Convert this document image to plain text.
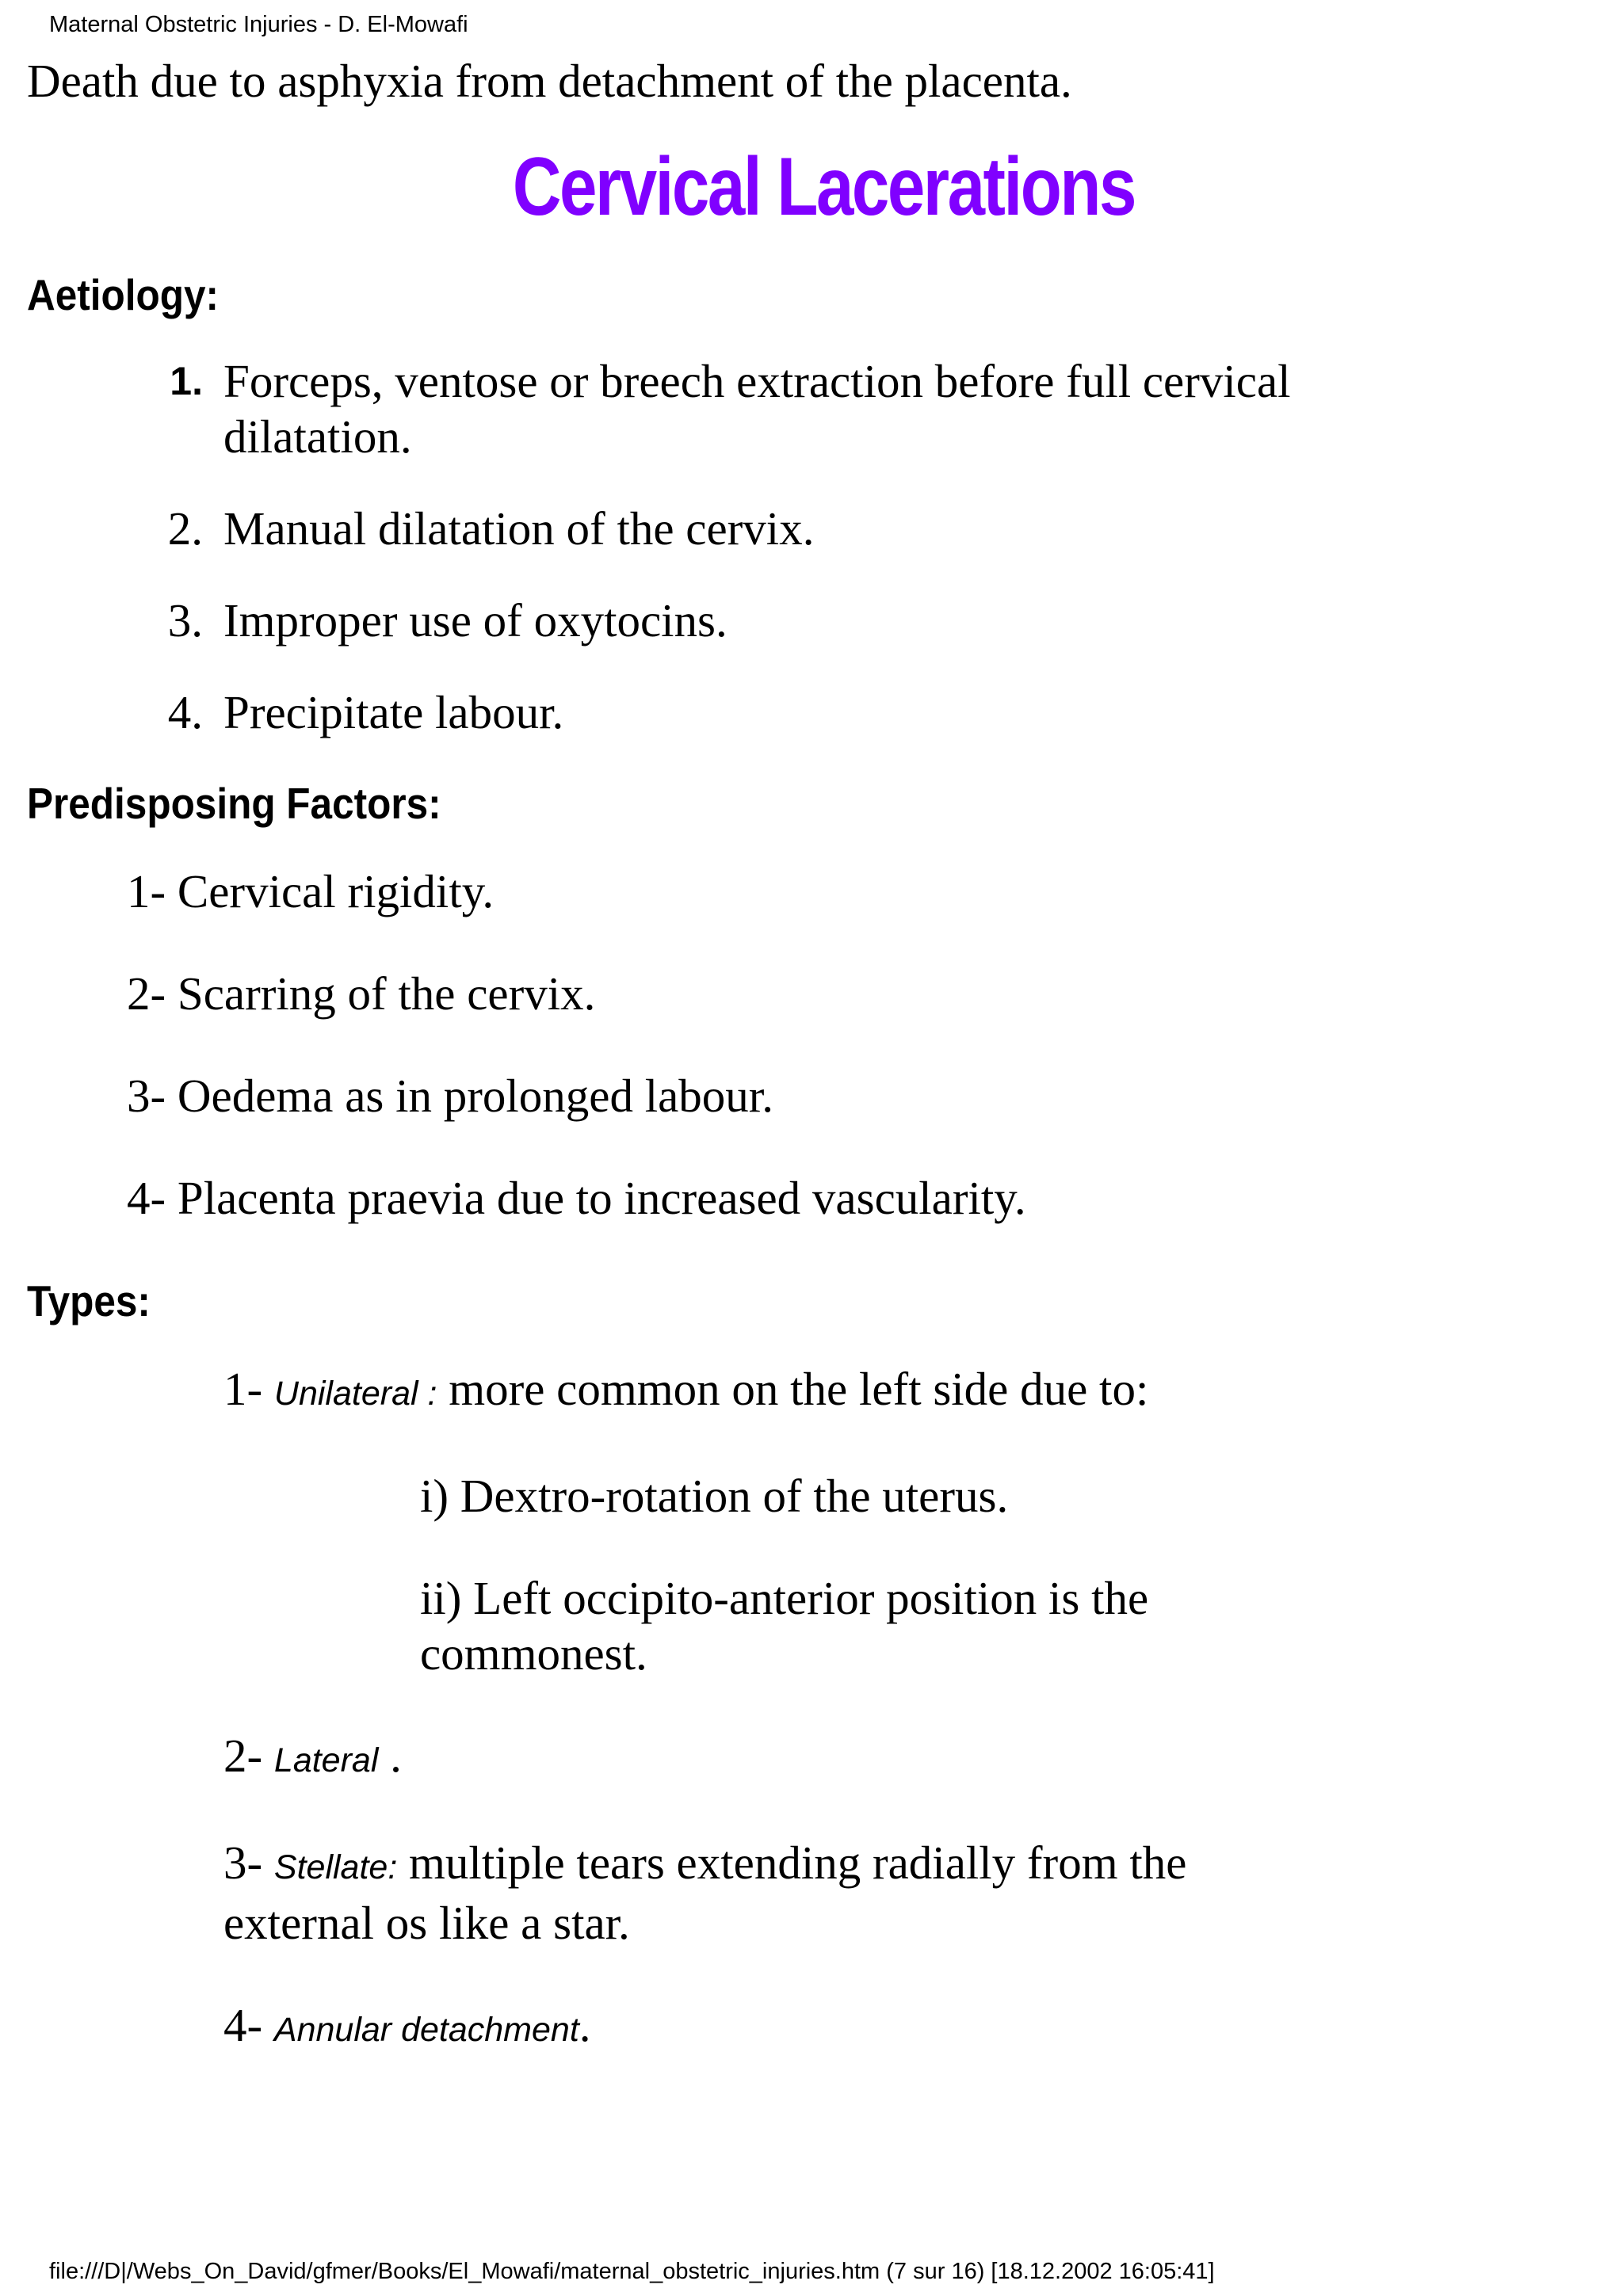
Maternal Obstetric Injuries - D. El-Mowafi

Death due to asphyxia from detachment of the placenta.

Cervical Lacerations
Aetiology:
1. Forceps, ventose or breech extraction before full cervical dilatation.
2. Manual dilatation of the cervix.
3. Improper use of oxytocins.
4. Precipitate labour.
Predisposing Factors:

1- Cervical rigidity.

2- Scarring of the cervix.

3- Oedema as in prolonged labour.

4- Placenta praevia due to increased vascularity.

Types:

1- Unilateral : more common on the left side due to:

i) Dextro-rotation of the uterus.

ii) Left occipito-anterior position is the commonest.

2- Lateral .

3- Stellate: multiple tears extending radially from the external os like a star.

4- Annular detachment.

file:///D|/Webs_On_David/gfmer/Books/El_Mowafi/maternal_obstetric_injuries.htm (7 sur 16) [18.12.2002 16:05:41]
